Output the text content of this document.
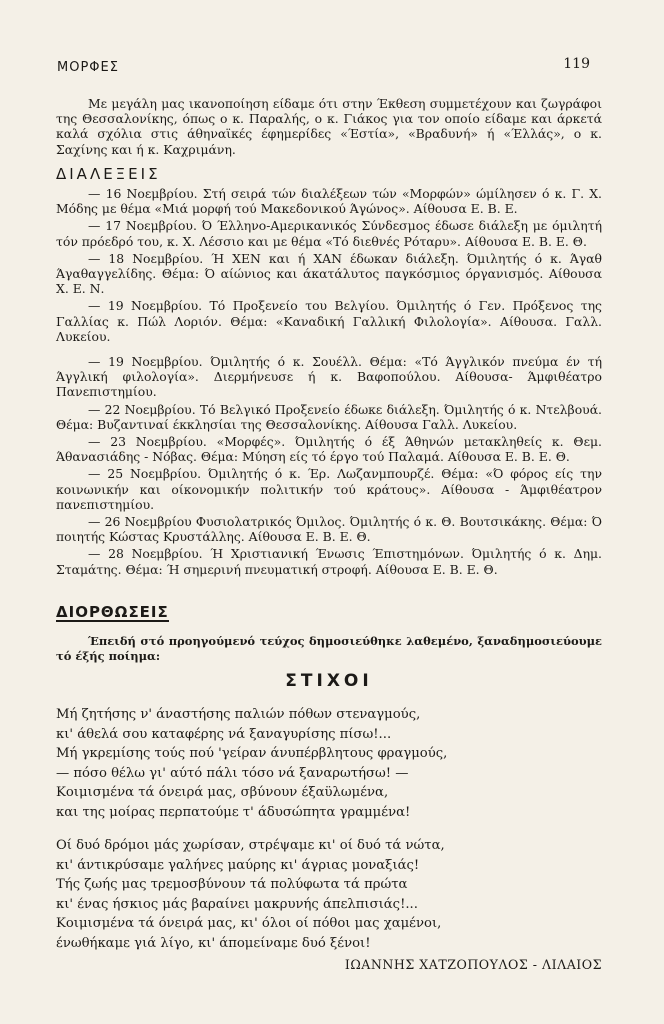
ΜΟΡΦΕΣ	119

Με μεγάλη μας ικανοποίηση είδαμε ότι στην Έκθεση συμμετέχουν και ζωγράφοι της Θεσσαλονίκης, όπως ο κ. Παραλής, ο κ. Γιάκος για τον οποίο είδαμε και άρκετά καλά σχόλια στις άθηναϊκές έφημερίδες «Έστία», «Βραδυνή» ή «Έλλάς», ο κ. Σαχίνης και ή κ. Καχριμάνη.

ΔΙΑΛΕΞΕΙΣ
— 16 Νοεμβρίου. Στή σειρά τών διαλέξεων τών «Μορφών» ώμίλησεν ό κ. Γ. Χ. Μόδης με θέμα «Μιά μορφή τού Μακεδονικού Άγώνος». Αίθουσα Ε. Β. Ε.
— 17 Νοεμβρίου. Ό Έλληνο-Αμερικανικός Σύνδεσμος έδωσε διάλεξη με όμιλητή τόν πρόεδρό του, κ. Χ. Λέσσιο και με θέμα «Τό διεθνές Ρόταρυ». Αίθουσα Ε. Β. Ε. Θ.
— 18 Νοεμβρίου. Ή ΧΕΝ και ή ΧΑΝ έδωκαν διάλεξη. Όμιλητής ό κ. Άγαθ Άγαθαγγελίδης. Θέμα: Ό αίώνιος και άκατάλυτος παγκόσμιος όργανισμός. Αίθουσα Χ. Ε. Ν.
— 19 Νοεμβρίου. Τό Προξενείο του Βελγίου. Όμιλητής ό Γεν. Πρόξενος της Γαλλίας κ. Πώλ Λοριόν. Θέμα: «Καναδική Γαλλική Φιλολογία». Αίθουσα. Γαλλ. Λυκείου.
— 19 Νοεμβρίου. Όμιλητής ό κ. Σουέλλ. Θέμα: «Τό Άγγλικόν πνεύμα έν τή Άγγλική φιλολογία». Διερμήνευσε ή κ. Βαφοπούλου. Αίθουσα- Άμφιθέατρο Πανεπιστημίου.
— 22 Νοεμβρίου. Τό Βελγικό Προξενείο έδωκε διάλεξη. Όμιλητής ό κ. Ντελβουά. Θέμα: Βυζαντιναί έκκλησίαι της Θεσσαλονίκης. Αίθουσα Γαλλ. Λυκείου.
— 23 Νοεμβρίου. «Μορφές». Όμιλητής ό έξ Άθηνών μετακληθείς κ. Θεμ. Άθανασιάδης - Νόβας. Θέμα: Μύηση είς τό έργο τού Παλαμά. Αίθουσα Ε. Β. Ε. Θ.
— 25 Νοεμβρίου. Όμιλητής ό κ. Έρ. Λωζανμπουρζέ. Θέμα: «Ό φόρος είς την κοινωνικήν και οίκονομικήν πολιτικήν τού κράτους». Αίθουσα - Άμφιθέατρον πανεπιστημίου.
— 26 Νοεμβρίου Φυσιολατρικός Όμιλος. Όμιλητής ό κ. Θ. Βουτσικάκης. Θέμα: Ό ποιητής Κώστας Κρυστάλλης. Αίθουσα Ε. Β. Ε. Θ.
— 28 Νοεμβρίου. Ή Χριστιανική Ένωσις Έπιστημόνων. Όμιλητής ό κ. Δημ. Σταμάτης. Θέμα: Ή σημερινή πνευματική στροφή. Αίθουσα Ε. Β. Ε. Θ.
ΔΙΟΡΘΩΣΕΙΣ

Έπειδή στό προηγούμενό τεύχος δημοσιεύθηκε λαθεμένο, ξαναδημοσιεύουμε τό έξής ποίημα:

ΣΤΙΧΟΙ
Μή ζητήσης ν' άναστήσης παλιών πόθων στεναγμούς,
κι' άθελά σου καταφέρης νά ξαναγυρίσης πίσω!...
Μή γκρεμίσης τούς πού 'γείραν άνυπέρβλητους φραγμούς,
— πόσο θέλω γι' αύτό πάλι τόσο νά ξαναρωτήσω! —
Κοιμισμένα τά όνειρά μας, σβύνουν έξαϋλωμένα,
και της μοίρας περπατούμε τ' άδυσώπητα γραμμένα!
Οί δυό δρόμοι μάς χωρίσαν, στρέψαμε κι' οί δυό τά νώτα,
κι' άντικρύσαμε γαλήνες μαύρης κι' άγριας μοναξιάς!
Τής ζωής μας τρεμοσβύνουν τά πολύφωτα τά πρώτα
κι' ένας ήσκιος μάς βαραίνει μακρυνής άπελπισιάς!...
Κοιμισμένα τά όνειρά μας, κι' όλοι οί πόθοι μας χαμένοι,
ένωθήκαμε γιά λίγο, κι' άπομείναμε δυό ξένοι!
ΙΩΑΝΝΗΣ ΧΑΤΖΟΠΟΥΛΟΣ - ΛΙΛΑΙΟΣ
